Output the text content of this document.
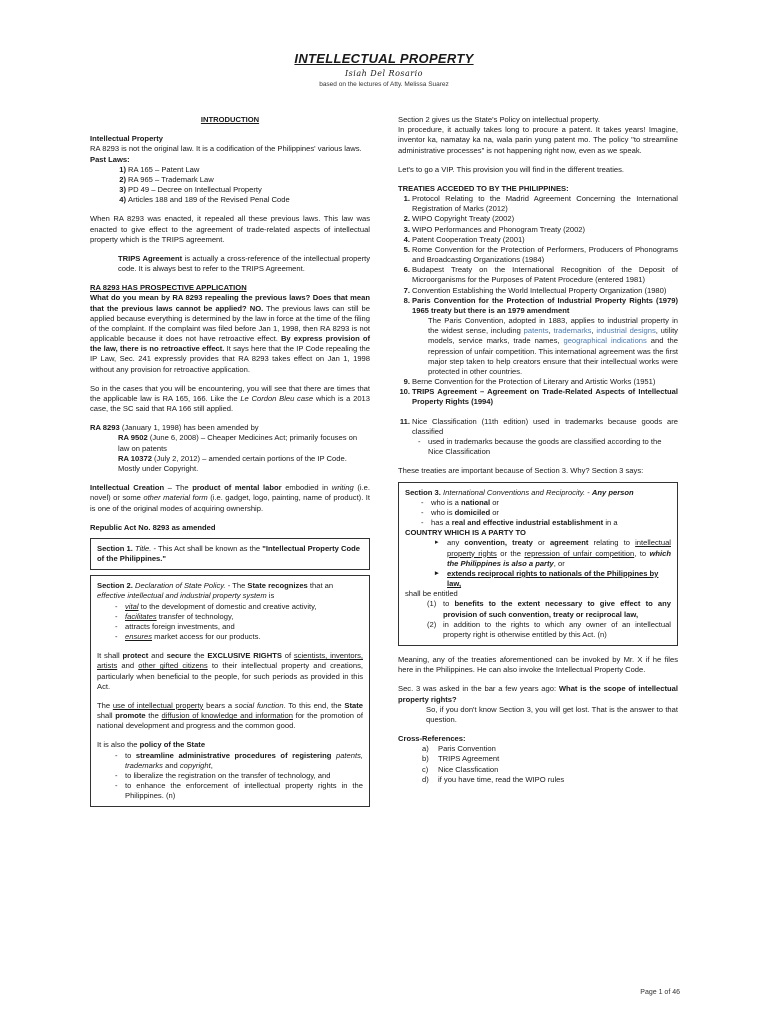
INTELLECTUAL PROPERTY
Isiah Del Rosario
based on the lectures of Atty. Melissa Suarez
INTRODUCTION
Intellectual Property
RA 8293 is not the original law. It is a codification of the Philippines' various laws.
Past Laws:
1) RA 165 – Patent Law
2) RA 965 – Trademark Law
3) PD 49 – Decree on Intellectual Property
4) Articles 188 and 189 of the Revised Penal Code
When RA 8293 was enacted, it repealed all these previous laws. This law was enacted to give effect to the agreement of trade-related aspects of intellectual property which is the TRIPS agreement.
TRIPS Agreement is actually a cross-reference of the intellectual property code. It is always best to refer to the TRIPS Agreement.
RA 8293 HAS PROSPECTIVE APPLICATION
What do you mean by RA 8293 repealing the previous laws? Does that mean that the previous laws cannot be applied? NO. The previous laws can still be applied because everything is determined by the law in force at the time of the filing of the complaint. If the complaint was filed before Jan 1, 1998, then RA 8293 is not applicable because it does not have retroactive effect. By express provision of the law, there is no retroactive effect. It says here that the IP Code repealing the IP Law, Sec. 241 expressly provides that RA 8293 takes effect on Jan 1, 1998 without any provision for retroactive application.
So in the cases that you will be encountering, you will see that there are times that the applicable law is RA 165, 166. Like the Le Cordon Bleu case which is a 2013 case, the SC said that RA 166 still applied.
RA 8293 (January 1, 1998) has been amended by
RA 9502 (June 6, 2008) – Cheaper Medicines Act; primarily focuses on law on patents
RA 10372 (July 2, 2012) – amended certain portions of the IP Code. Mostly under Copyright.
Intellectual Creation – The product of mental labor embodied in writing (i.e. novel) or some other material form (i.e. gadget, logo, painting, name of product). It is one of the original modes of acquiring ownership.
Republic Act No. 8293 as amended
Section 1. Title. - This Act shall be known as the "Intellectual Property Code of the Philippines."
Section 2. Declaration of State Policy. - The State recognizes that an effective intellectual and industrial property system is
- vital to the development of domestic and creative activity,
- facilitates transfer of technology,
- attracts foreign investments, and
- ensures market access for our products.
It shall protect and secure the EXCLUSIVE RIGHTS of scientists, inventors, artists and other gifted citizens to their intellectual property and creations, particularly when beneficial to the people, for such periods as provided in this Act.
The use of intellectual property bears a social function. To this end, the State shall promote the diffusion of knowledge and information for the promotion of national development and progress and the common good.
It is also the policy of the State
- to streamline administrative procedures of registering patents, trademarks and copyright,
- to liberalize the registration on the transfer of technology, and
- to enhance the enforcement of intellectual property rights in the Philippines. (n)
Section 2 gives us the State's Policy on intellectual property.
In procedure, it actually takes long to procure a patent. It takes years! Imagine, inventor ka, namatay ka na, wala parin yung patent mo. The policy "to streamline administrative processes" is not happening right now, even as we speak.
Let's to go a VIP. This provision you will find in the different treaties.
TREATIES ACCEDED TO BY THE PHILIPPINES:
1. Protocol Relating to the Madrid Agreement Concerning the International Registration of Marks (2012)
2. WIPO Copyright Treaty (2002)
3. WIPO Performances and Phonogram Treaty (2002)
4. Patent Cooperation Treaty (2001)
5. Rome Convention for the Protection of Performers, Producers of Phonograms and Broadcasting Organizations (1984)
6. Budapest Treaty on the International Recognition of the Deposit of Microorganisms for the Purposes of Patent Procedure (entered 1981)
7. Convention Establishing the World Intellectual Property Organization (1980)
8. Paris Convention for the Protection of Industrial Property Rights (1979) 1965 treaty but there is an 1979 amendment
The Paris Convention, adopted in 1883, applies to industrial property in the widest sense, including patents, trademarks, industrial designs, utility models, service marks, trade names, geographical indications and the repression of unfair competition. This international agreement was the first major step taken to help creators ensure that their intellectual works were protected in other countries.
9. Berne Convention for the Protection of Literary and Artistic Works (1951)
10. TRIPS Agreement – Agreement on Trade-Related Aspects of Intellectual Property Rights (1994)
11. Nice Classification (11th edition) used in trademarks because goods are classified
- used in trademarks because the goods are classified according to the Nice Classification
These treaties are important because of Section 3. Why? Section 3 says:
Section 3. International Conventions and Reciprocity. - Any person
- who is a national or
- who is domiciled or
- has a real and effective industrial establishment in a
COUNTRY WHICH IS A PARTY TO
▸ any convention, treaty or agreement relating to intellectual property rights or the repression of unfair competition, to which the Philippines is also a party, or
▸ extends reciprocal rights to nationals of the Philippines by law,
shall be entitled
(1) to benefits to the extent necessary to give effect to any provision of such convention, treaty or reciprocal law,
(2) in addition to the rights to which any owner of an intellectual property right is otherwise entitled by this Act. (n)
Meaning, any of the treaties aforementioned can be invoked by Mr. X if he files here in the Philippines. He can also invoke the Intellectual Property Code.
Sec. 3 was asked in the bar a few years ago: What is the scope of intellectual property rights?
So, if you don't know Section 3, you will get lost. That is the answer to that question.
Cross-References:
a) Paris Convention
b) TRIPS Agreement
c) Nice Classfication
d) if you have time, read the WIPO rules
Page 1 of 46
